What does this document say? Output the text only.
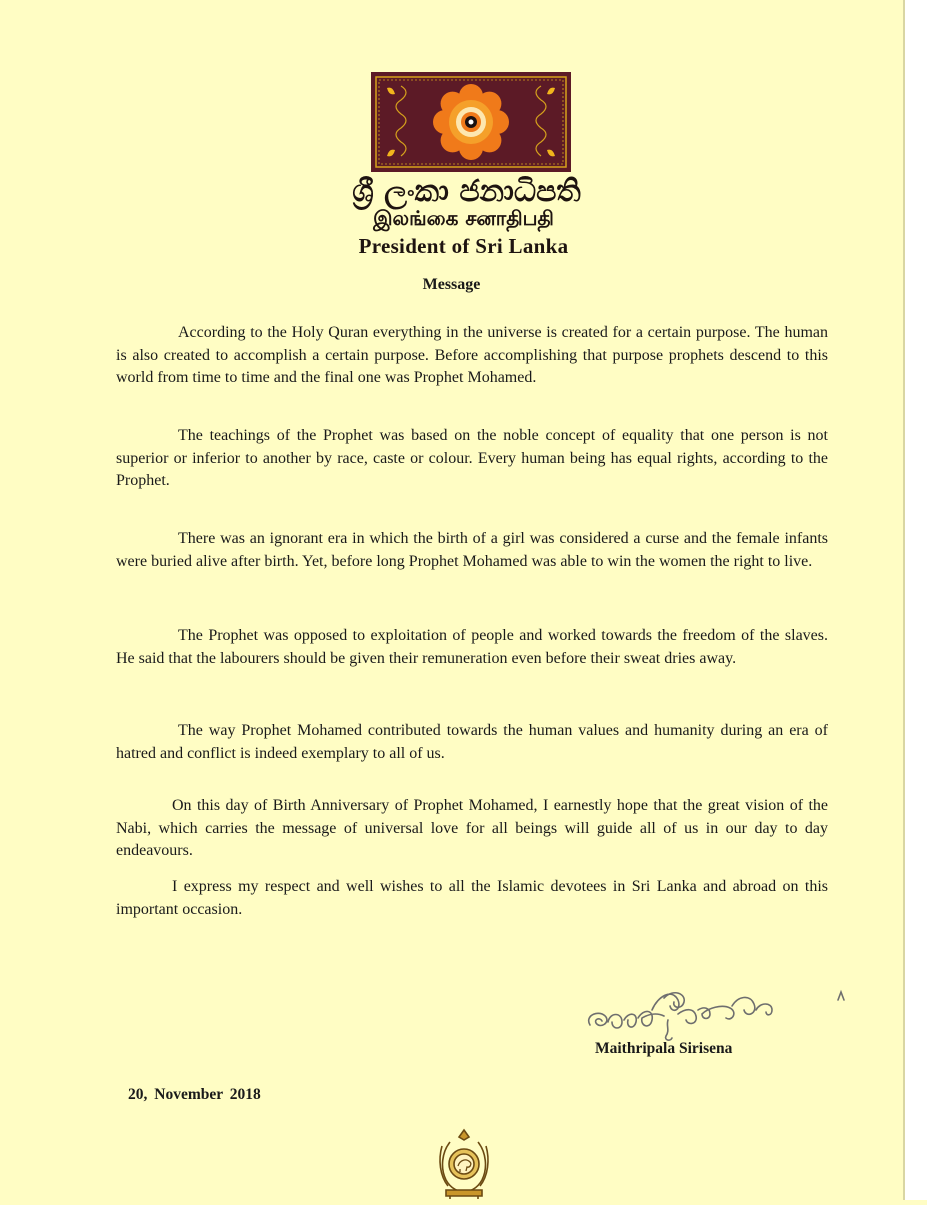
ශ්‍රී ලංකා ජනාධිපති
இலங்கை சனாதிபதி
President of Sri Lanka
Message

According to the Holy Quran everything in the universe is created for a certain purpose. The human is also created to accomplish a certain purpose. Before accomplishing that purpose prophets descend to this world from time to time and the final one was Prophet Mohamed.

The teachings of the Prophet was based on the noble concept of equality that one person is not superior or inferior to another by race, caste or colour. Every human being has equal rights, according to the Prophet.

There was an ignorant era in which the birth of a girl was considered a curse and the female infants were buried alive after birth. Yet, before long Prophet Mohamed was able to win the women the right to live.

The Prophet was opposed to exploitation of people and worked towards the freedom of the slaves. He said that the labourers should be given their remuneration even before their sweat dries away.

The way Prophet Mohamed contributed towards the human values and humanity during an era of hatred and conflict is indeed exemplary to all of us.

On this day of Birth Anniversary of Prophet Mohamed, I earnestly hope that the great vision of the Nabi, which carries the message of universal love for all beings will guide all of us in our day to day endeavours.

I express my respect and well wishes to all the Islamic devotees in Sri Lanka and abroad on this important occasion.

Maithripala Sirisena
20, November 2018
